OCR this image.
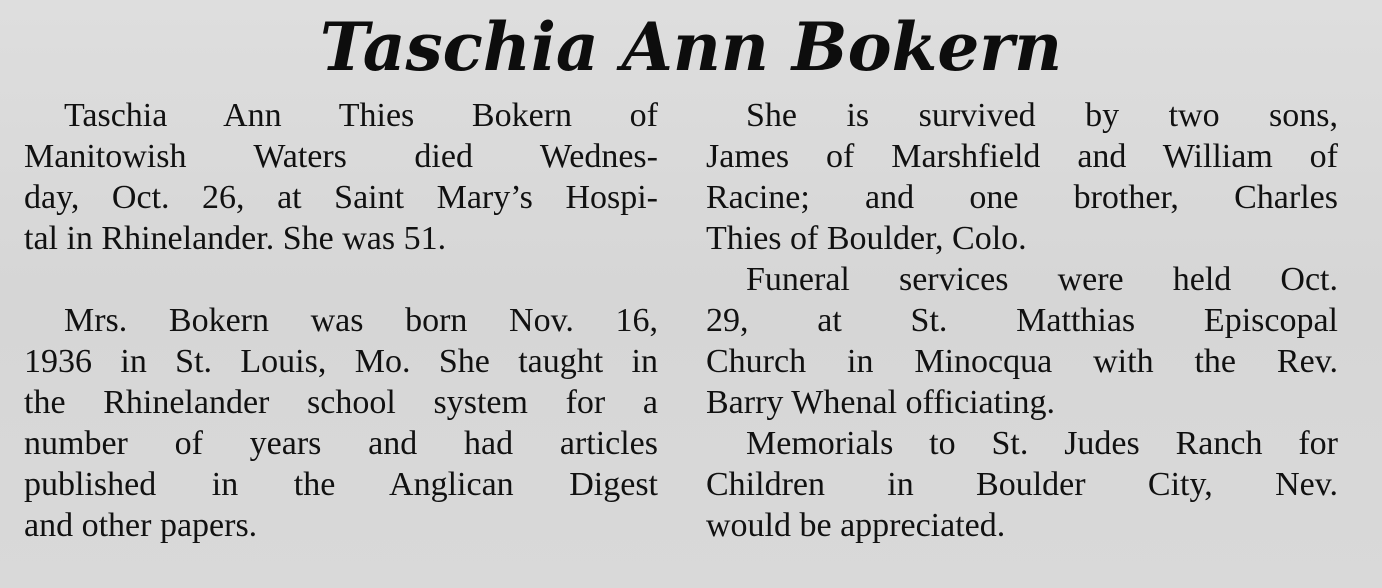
Taschia Ann Bokern

Taschia Ann Thies Bokern of
Manitowish Waters died Wednes-
day, Oct. 26, at Saint Mary’s Hospi-
tal in Rhinelander. She was 51.

Mrs. Bokern was born Nov. 16,
1936 in St. Louis, Mo. She taught in
the Rhinelander school system for a
number of years and had articles
published in the Anglican Digest
and other papers.

She is survived by two sons,
James of Marshfield and William of
Racine; and one brother, Charles
Thies of Boulder, Colo.

Funeral services were held Oct.
29, at St. Matthias Episcopal
Church in Minocqua with the Rev.
Barry Whenal officiating.

Memorials to St. Judes Ranch for
Children in Boulder City, Nev.
would be appreciated.
